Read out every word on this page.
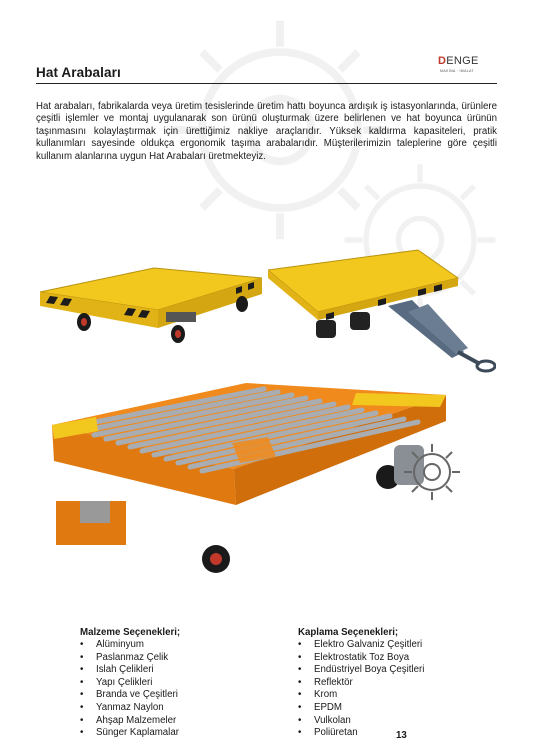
Hat Arabaları
DENGE
MAKİNA · İMALAT

Hat arabaları, fabrikalarda veya üretim tesislerinde üretim hattı boyunca ardışık iş istasyonlarında, ürünlere çeşitli işlemler ve montaj uygulanarak son ürünü oluşturmak üzere belirlenen ve hat boyunca ürünün taşınmasını kolaylaştırmak için ürettiğimiz nakliye araçlarıdır. Yüksek kaldırma kapasiteleri, pratik kullanımları sayesinde oldukça ergonomik taşıma arabalarıdır. Müşterilerimizin taleplerine göre çeşitli kullanım alanlarına uygun Hat Arabaları üretmekteyiz.

Malzeme Seçenekleri;
• Alüminyum
• Paslanmaz Çelik
• Islah Çelikleri
• Yapı Çelikleri
• Branda ve Çeşitleri
• Yanmaz Naylon
• Ahşap Malzemeler
• Sünger Kaplamalar
Kaplama Seçenekleri;
• Elektro Galvaniz Çeşitleri
• Elektrostatik Toz Boya
• Endüstriyel Boya Çeşitleri
• Reflektör
• Krom
• EPDM
• Vulkolan
• Poliüretan	13
